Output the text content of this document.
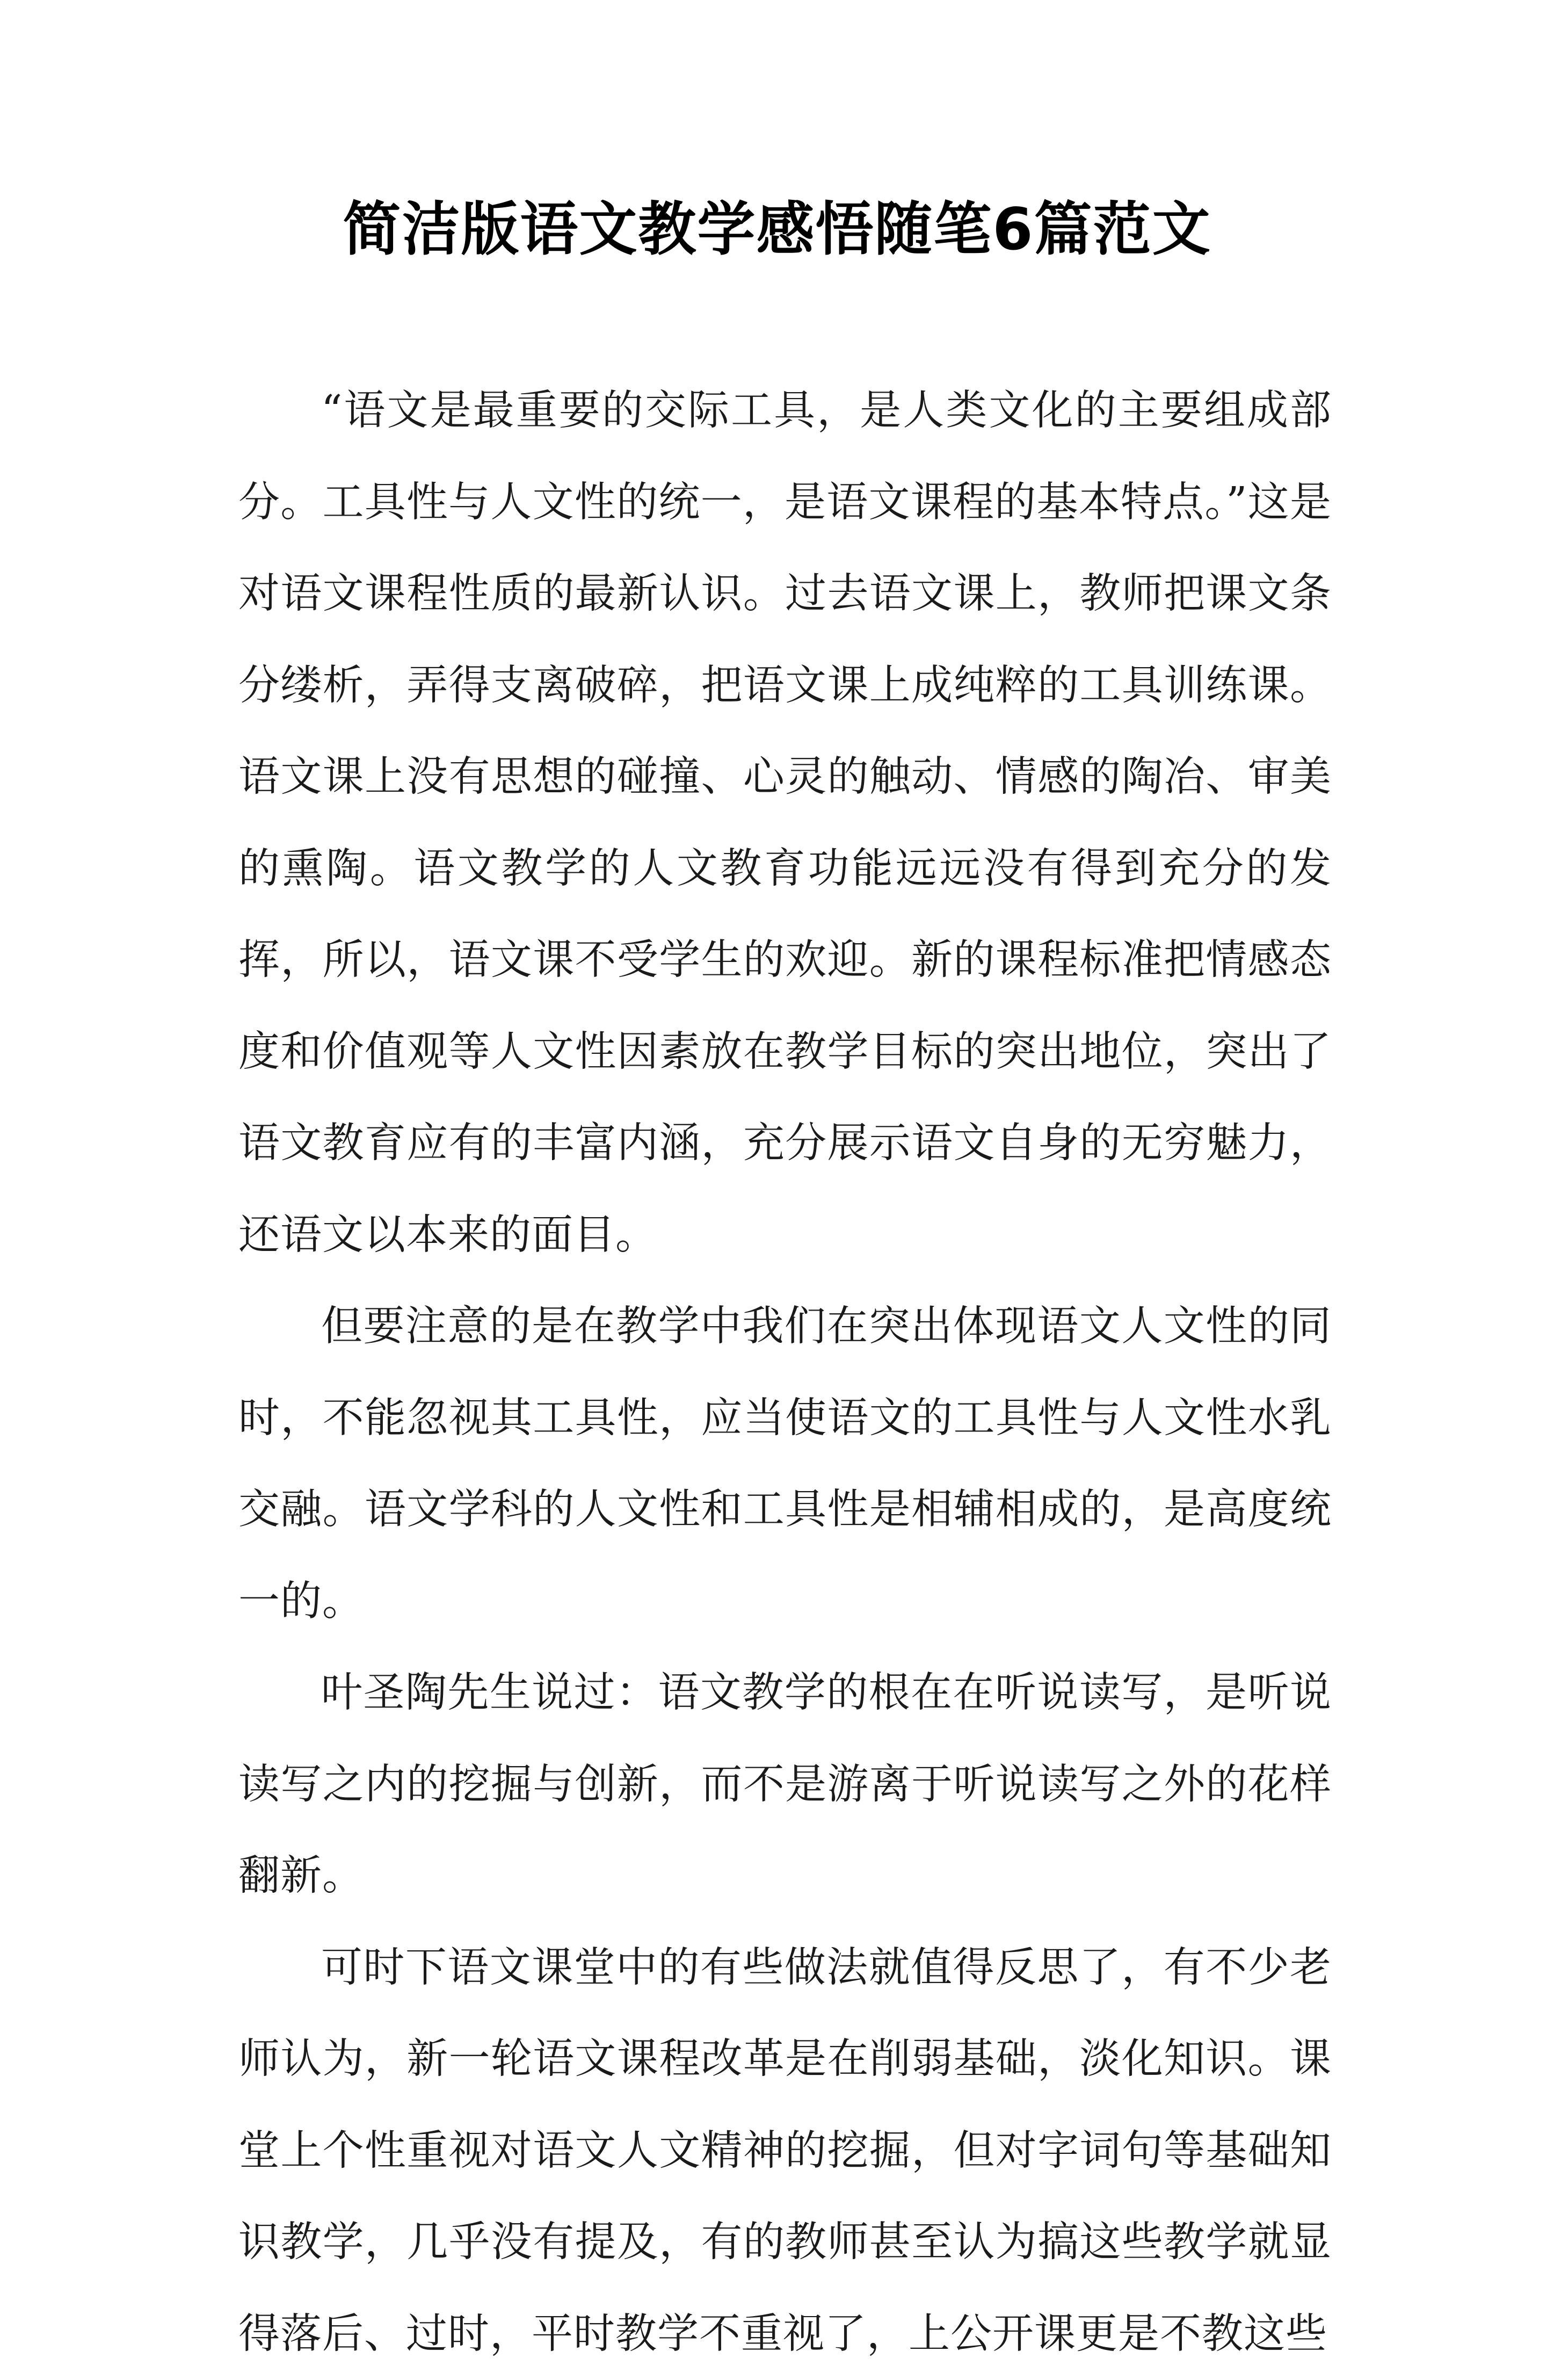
简洁版语文教学感悟随笔6篇范文

“语文是最重要的交际工具，是人类文化的主要组成部分。工具性与人文性的统一，是语文课程的基本特点。”这是对语文课程性质的最新认识。过去语文课上，教师把课文条分缕析，弄得支离破碎，把语文课上成纯粹的工具训练课。语文课上没有思想的碰撞、心灵的触动、情感的陶冶、审美的熏陶。语文教学的人文教育功能远远没有得到充分的发挥，所以，语文课不受学生的欢迎。新的课程标准把情感态度和价值观等人文性因素放在教学目标的突出地位，突出了语文教育应有的丰富内涵，充分展示语文自身的无穷魅力，还语文以本来的面目。

但要注意的是在教学中我们在突出体现语文人文性的同时，不能忽视其工具性，应当使语文的工具性与人文性水乳交融。语文学科的人文性和工具性是相辅相成的，是高度统一的。

叶圣陶先生说过：语文教学的根在在听说读写，是听说读写之内的挖掘与创新，而不是游离于听说读写之外的花样翻新。

可时下语文课堂中的有些做法就值得反思了，有不少老师认为，新一轮语文课程改革是在削弱基础，淡化知识。课堂上个性重视对语文人文精神的挖掘，但对字词句等基础知识教学，几乎没有提及，有的教师甚至认为搞这些教学就显得落后、过时，平时教学不重视了，上公开课更是不教这些
